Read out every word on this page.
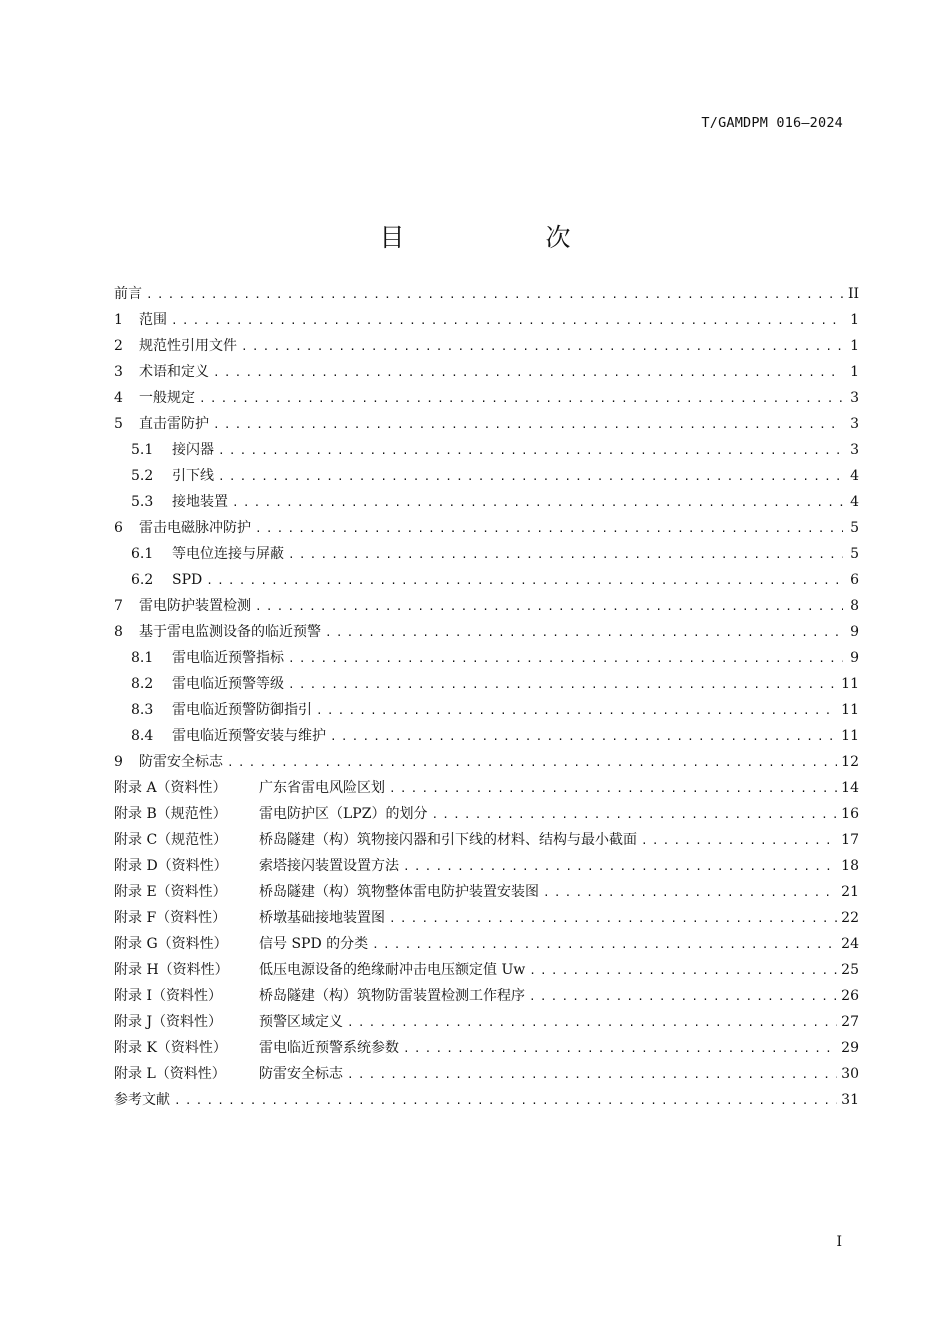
T/GAMDPM 016—2024
目　次
前言 .....	II
1	范围 .....	1
2	规范性引用文件 .....	1
3	术语和定义 .....	1
4	一般规定 .....	3
5	直击雷防护 .....	3
5.1	接闪器 .....	3
5.2	引下线 .....	4
5.3	接地装置 .....	4
6	雷击电磁脉冲防护 .....	5
6.1	等电位连接与屏蔽 .....	5
6.2	SPD .....	6
7	雷电防护装置检测 .....	8
8	基于雷电监测设备的临近预警 .....	9
8.1	雷电临近预警指标 .....	9
8.2	雷电临近预警等级 .....	11
8.3	雷电临近预警防御指引 .....	11
8.4	雷电临近预警安装与维护 .....	11
9	防雷安全标志 .....	12
附录 A（资料性）	广东省雷电风险区划 .....	14
附录 B（规范性）	雷电防护区（LPZ）的划分 .....	16
附录 C（规范性）	桥岛隧建（构）筑物接闪器和引下线的材料、结构与最小截面 .....	17
附录 D（资料性）	索塔接闪装置设置方法 .....	18
附录 E（资料性）	桥岛隧建（构）筑物整体雷电防护装置安装图 .....	21
附录 F（资料性）	桥墩基础接地装置图 .....	22
附录 G（资料性）	信号 SPD 的分类 .....	24
附录 H（资料性）	低压电源设备的绝缘耐冲击电压额定值 Uw .....	25
附录 I（资料性）	桥岛隧建（构）筑物防雷装置检测工作程序 .....	26
附录 J（资料性）	预警区域定义 .....	27
附录 K（资料性）	雷电临近预警系统参数 .....	29
附录 L（资料性）	防雷安全标志 .....	30
参考文献 .....	31
I
